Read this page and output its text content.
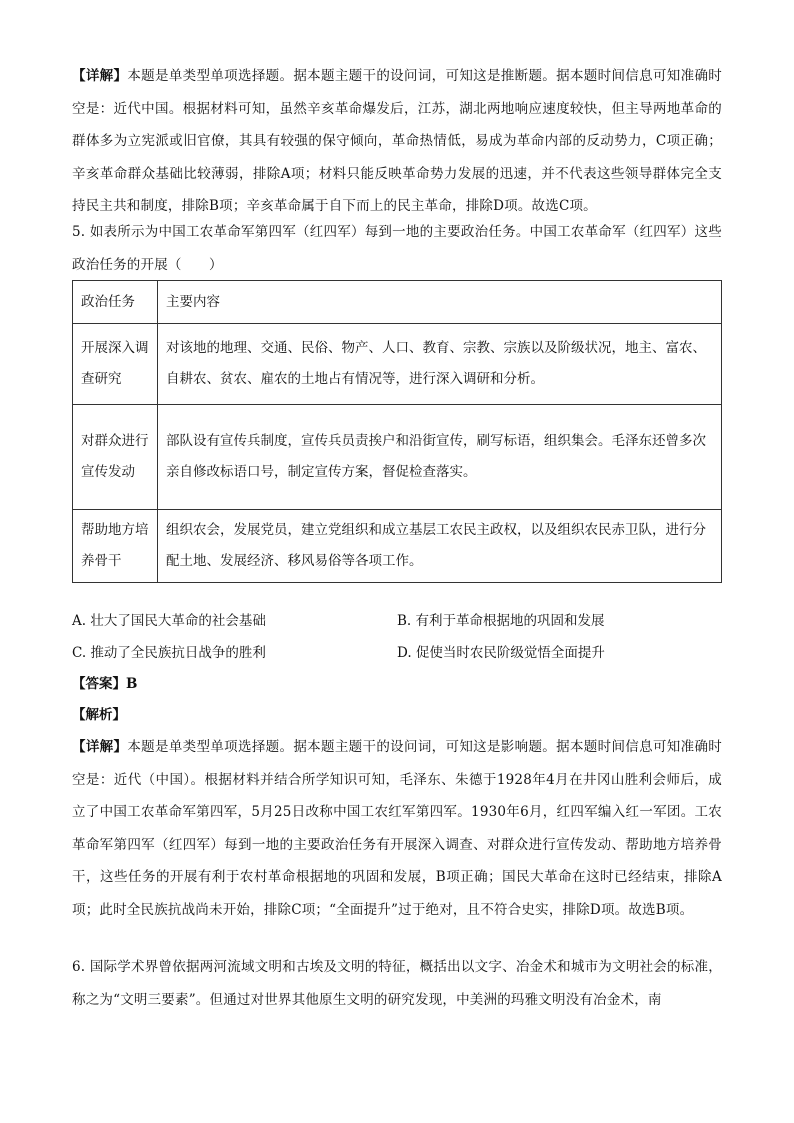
【详解】本题是单类型单项选择题。据本题主题干的设问词，可知这是推断题。据本题时间信息可知准确时空是：近代中国。根据材料可知，虽然辛亥革命爆发后，江苏，湖北两地响应速度较快，但主导两地革命的群体多为立宪派或旧官僚，其具有较强的保守倾向，革命热情低，易成为革命内部的反动势力，C项正确；辛亥革命群众基础比较薄弱，排除A项；材料只能反映革命势力发展的迅速，并不代表这些领导群体完全支持民主共和制度，排除B项；辛亥革命属于自下而上的民主革命，排除D项。故选C项。
5. 如表所示为中国工农革命军第四军（红四军）每到一地的主要政治任务。中国工农革命军（红四军）这些政治任务的开展（　　）
政治任务	主要内容
开展深入调查研究	对该地的地理、交通、民俗、物产、人口、教育、宗教、宗族以及阶级状况，地主、富农、自耕农、贫农、雇农的土地占有情况等，进行深入调研和分析。
对群众进行宣传发动	部队设有宣传兵制度，宣传兵员责挨户和沿街宣传，刷写标语，组织集会。毛泽东还曾多次亲自修改标语口号，制定宣传方案，督促检查落实。
帮助地方培养骨干	组织农会，发展党员，建立党组织和成立基层工农民主政权，以及组织农民赤卫队，进行分配土地、发展经济、移风易俗等各项工作。
A. 壮大了国民大革命的社会基础	B. 有利于革命根据地的巩固和发展
C. 推动了全民族抗日战争的胜利	D. 促使当时农民阶级觉悟全面提升
【答案】B
【解析】
【详解】本题是单类型单项选择题。据本题主题干的设问词，可知这是影响题。据本题时间信息可知准确时空是：近代（中国）。根据材料并结合所学知识可知，毛泽东、朱德于1928年4月在井冈山胜利会师后，成立了中国工农革命军第四军，5月25日改称中国工农红军第四军。1930年6月，红四军编入红一军团。工农革命军第四军（红四军）每到一地的主要政治任务有开展深入调查、对群众进行宣传发动、帮助地方培养骨干，这些任务的开展有利于农村革命根据地的巩固和发展，B项正确；国民大革命在这时已经结束，排除A项；此时全民族抗战尚未开始，排除C项；“全面提升”过于绝对，且不符合史实，排除D项。故选B项。
6. 国际学术界曾依据两河流域文明和古埃及文明的特征，概括出以文字、冶金术和城市为文明社会的标准，称之为“文明三要素”。但通过对世界其他原生文明的研究发现，中美洲的玛雅文明没有冶金术，南
